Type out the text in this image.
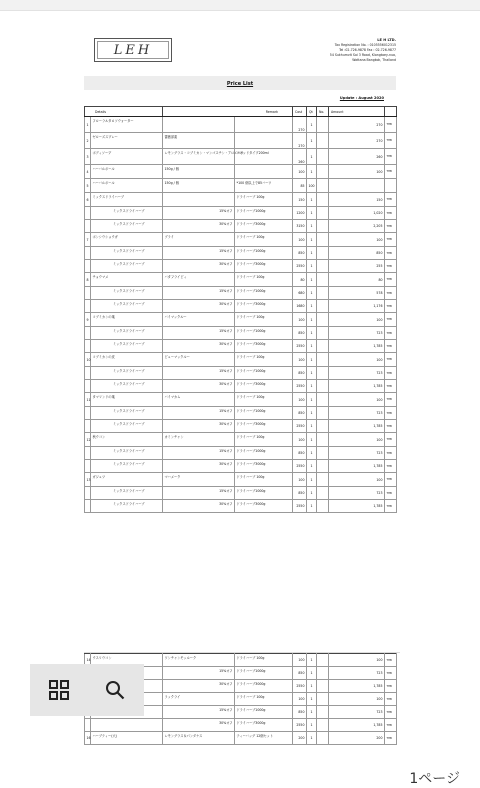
LEH
LE H LTD.
Tax Registration No. : 0105556012315
Tel :02-726-9878 Fax : 02-726-9877
54 Sukhumvit Soi 3 Road, Klongtoey-nua,
Wattana Bangkok, Thailand
Price List
Update : August 2020
Details		Remark		Cost	Qt	No.	Amount	
1	フローラルタロソウォーター			270	1		270	THB
2	ゼローズスプレー	薔薇部素		270	1		270	THB
3	ボディソープ	レモングラス・コブミカン・マンゴスチン・アロエベラ	リキッドタイプ200ml	260	1		260	THB
4	ハーバルボール	150g / 個		100	1		100	THB
5	ハーバルボール	150g / 個	*100 個以上で85バーツ	85	100			
6	ミックスドライハーブ		ドライハーブ 100g	150	1		150	THB
	ミックスドライハーブ	15%オフ	ドライハーブ1000g	1200	1		1,020	THB
	ミックスドライハーブ	30%オフ	ドライハーブ3000g	3150	1		2,205	THB
7	ボンシウショウガ	ブライ	ドライハーブ 100g	100	1		100	THB
	ミックスドライハーブ	15%オフ	ドライハーブ1000g	850	1		850	THB
	ミックスドライハーブ	30%オフ	ドライハーブ3000g	2550	1		255	THB
8	チョウマメ	バタフライピィ	ドライハーブ 100g	80	1		80	THB
	ミックスドライハーブ	15%オフ	ドライハーブ1000g	680	1		578	THB
	ミックスドライハーブ	30%オフ	ドライハーブ3000g	1680	1		1,176	THB
9	コブミカンの葉	バイマックルー	ドライハーブ 100g	100	1		100	THB
	ミックスドライハーブ	15%オフ	ドライハーブ1000g	850	1		723	THB
	ミックスドライハーブ	30%オフ	ドライハーブ3000g	2550	1		1,785	THB
10	コブミカンの皮	ピューマックルー	ドライハーブ 100g	100	1		100	THB
	ミックスドライハーブ	15%オフ	ドライハーブ1000g	850	1		723	THB
	ミックスドライハーブ	30%オフ	ドライハーブ3000g	2550	1		1,785	THB
11	タマリンドの葉	バイマカム	ドライハーブ 100g	100	1		100	THB
	ミックスドライハーブ	15%オフ	ドライハーブ1000g	850	1		723	THB
	ミックスドライハーブ	30%オフ	ドライハーブ3000g	2550	1		1,785	THB
12	秋ウコン	カミンチャン	ドライハーブ 100g	100	1		100	THB
	ミックスドライハーブ	15%オフ	ドライハーブ1000g	850	1		723	THB
	ミックスドライハーブ	30%オフ	ドライハーブ3000g	2550	1		1,785	THB
13	ガジュツ	マハメーク	ドライハーブ 100g	100	1		100	THB
	ミックスドライハーブ	15%オフ	ドライハーブ1000g	850	1		723	THB
	ミックスドライハーブ	30%オフ	ドライハーブ3000g	2550	1		1,785	THB
14	ウスリウコン	ワンチャンモッルーク	ドライハーブ 100g	100	1		100	THB
		15%オフ	ドライハーブ1000g	850	1		723	THB
		30%オフ	ドライハーブ3000g	2550	1		1,785	THB
		ラックライ	ドライハーブ 100g	100	1		100	THB
		15%オフ	ドライハーブ1000g	850	1		723	THB
		30%オフ	ドライハーブ3000g	2550	1		1,785	THB
16	ハーブティー(大)	レモングラス＆パンダナス	ティーバッグ 12個セット	200	1		200	THB
1ページ
